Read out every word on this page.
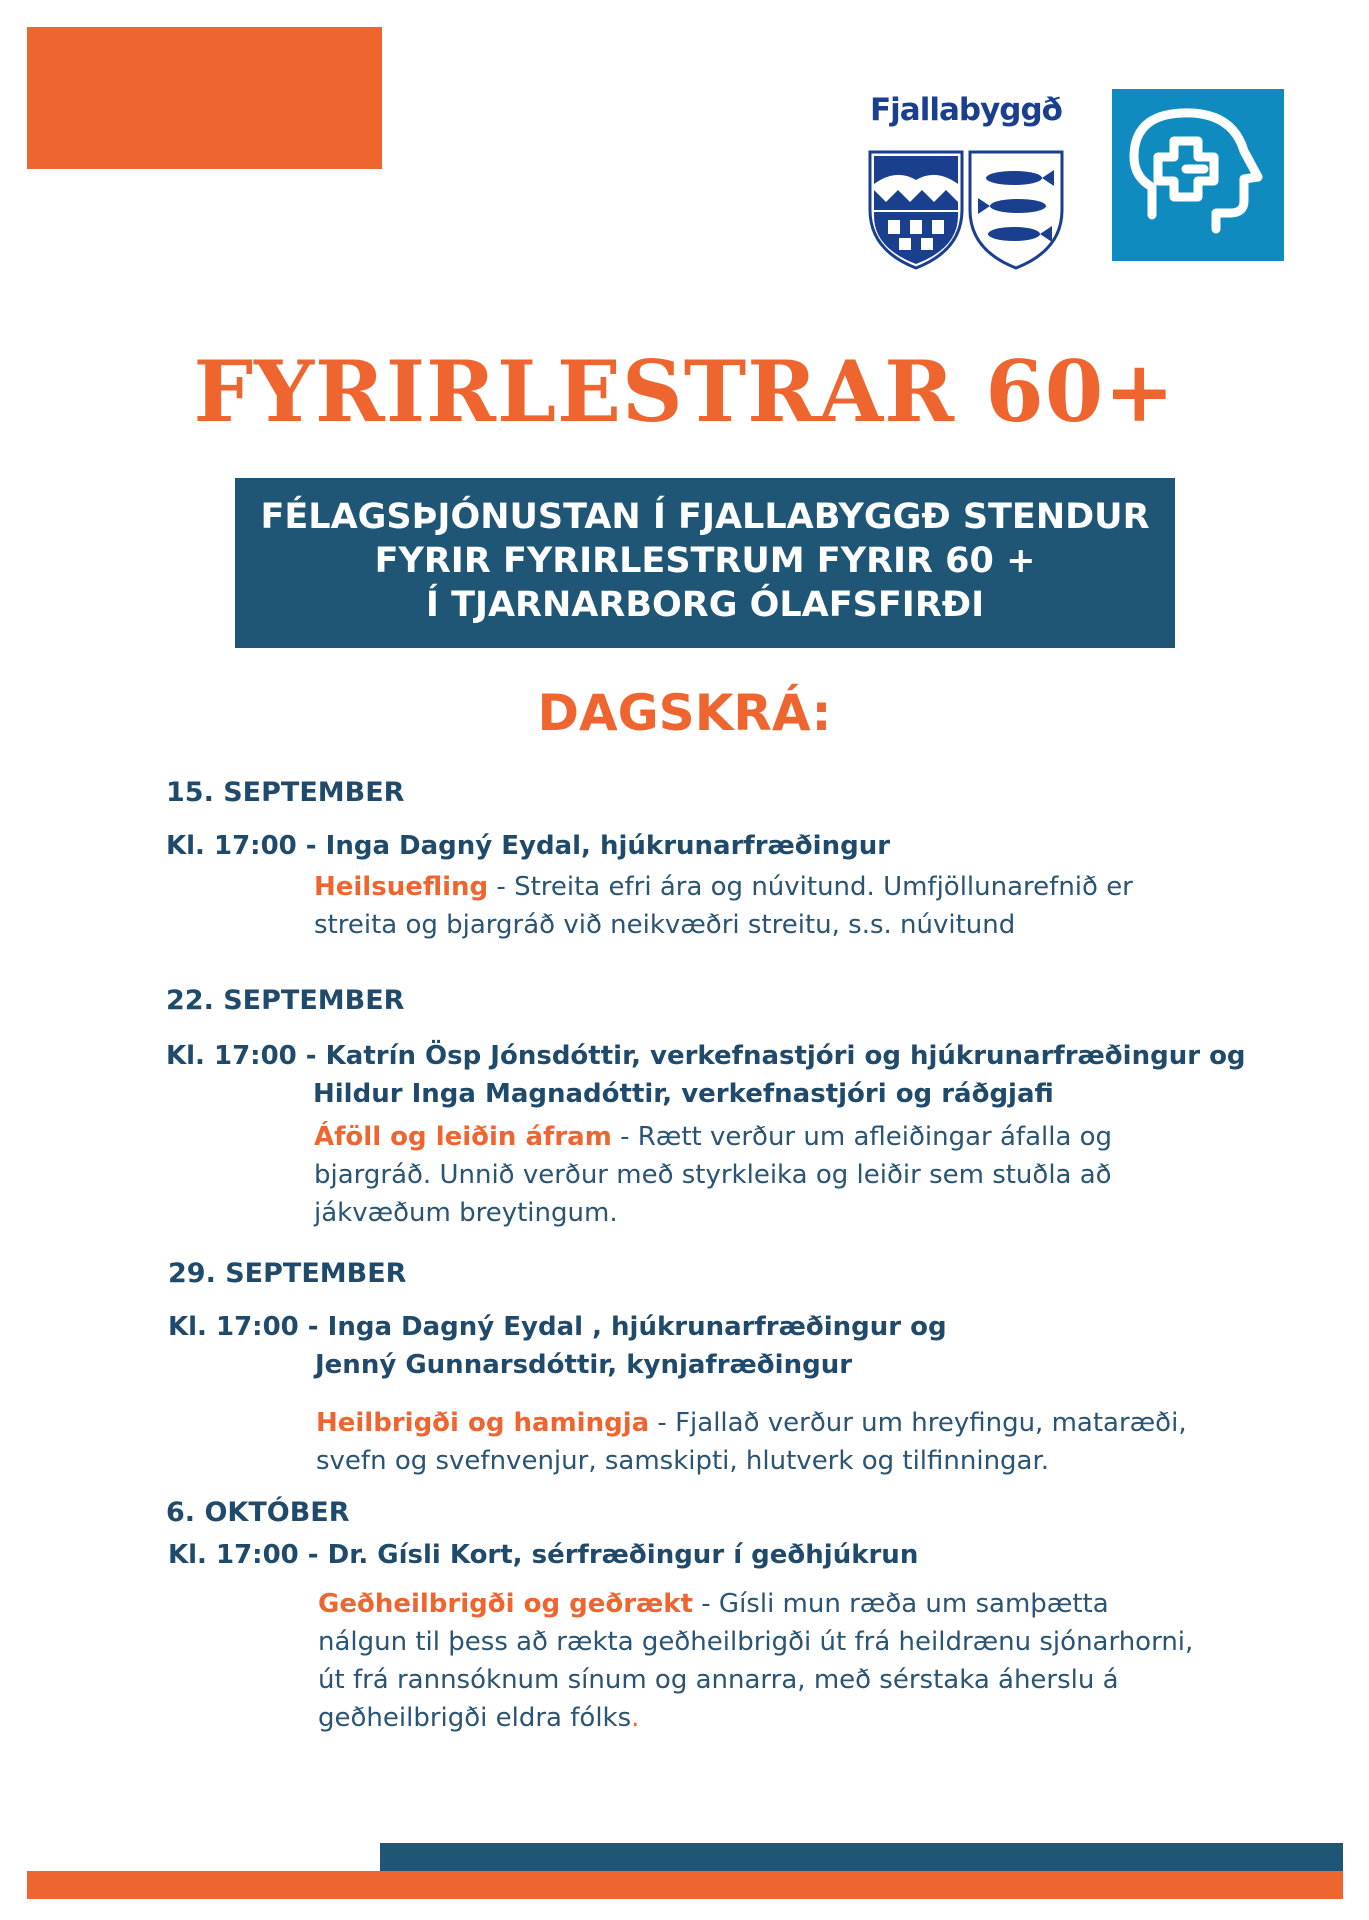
Fjallabyggð
FYRIRLESTRAR 60+
FÉLAGSÞJÓNUSTAN Í FJALLABYGGÐ STENDUR
FYRIR FYRIRLESTRUM FYRIR 60 +
Í TJARNARBORG ÓLAFSFIRÐI
DAGSKRÁ:
15. SEPTEMBER
Kl. 17:00 - Inga Dagný Eydal, hjúkrunarfræðingur
Heilsuefling - Streita efri ára og núvitund. Umfjöllunarefnið er streita og bjargráð við neikvæðri streitu, s.s. núvitund
22. SEPTEMBER
Kl. 17:00 - Katrín Ösp Jónsdóttir, verkefnastjóri og hjúkrunarfræðingur og
Hildur Inga Magnadóttir, verkefnastjóri og ráðgjafi
Áföll og leiðin áfram - Rætt verður um afleiðingar áfalla og bjargráð. Unnið verður með styrkleika og leiðir sem stuðla að jákvæðum breytingum.
29. SEPTEMBER
Kl. 17:00 - Inga Dagný Eydal , hjúkrunarfræðingur og
Jenný Gunnarsdóttir, kynjafræðingur
Heilbrigði og hamingja - Fjallað verður um hreyfingu, mataræði, svefn og svefnvenjur, samskipti, hlutverk og tilfinningar.
6. OKTÓBER
Kl. 17:00 - Dr. Gísli Kort, sérfræðingur í geðhjúkrun
Geðheilbrigði og geðrækt - Gísli mun ræða um samþætta nálgun til þess að rækta geðheilbrigði út frá heildrænu sjónarhorni, út frá rannsóknum sínum og annarra, með sérstaka áherslu á geðheilbrigði eldra fólks.
